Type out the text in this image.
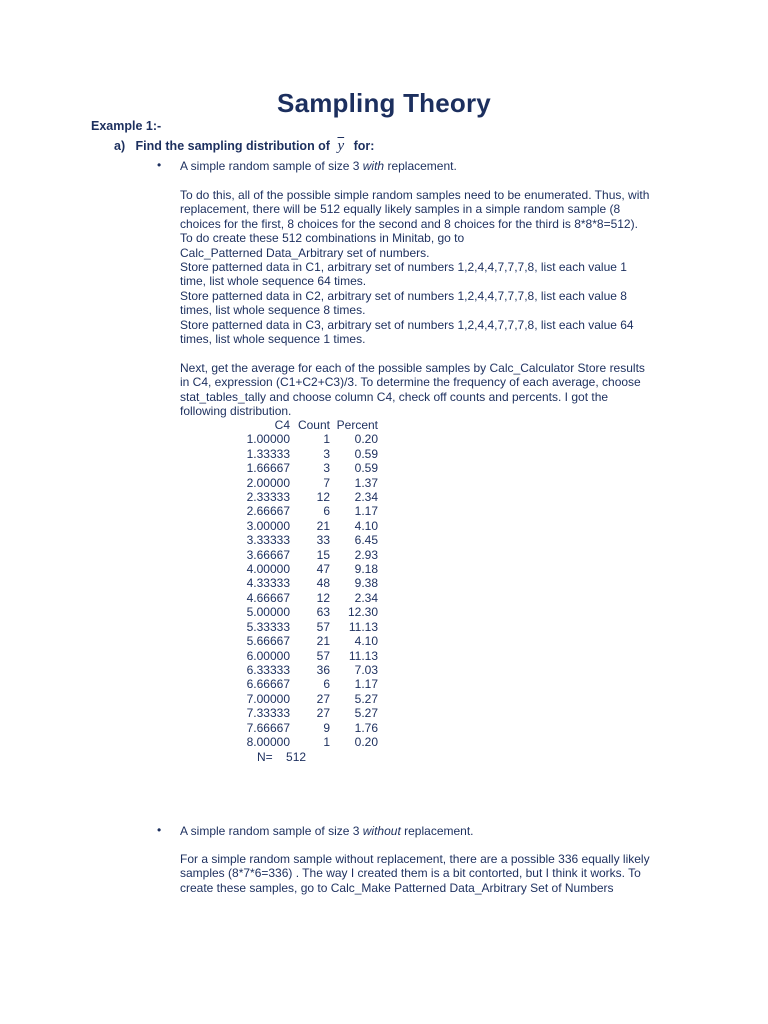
Sampling Theory
Example 1:-
a) Find the sampling distribution of $\overline{y}$ for:
• A simple random sample of size 3 with replacement.
To do this, all of the possible simple random samples need to be enumerated. Thus, with
replacement, there will be 512 equally likely samples in a simple random sample (8
choices for the first, 8 choices for the second and 8 choices for the third is 8*8*8=512).
To do create these 512 combinations in Minitab, go to
Calc_Patterned Data_Arbitrary set of numbers.
Store patterned data in C1, arbitrary set of numbers 1,2,4,4,7,7,7,8, list each value 1
time, list whole sequence 64 times.
Store patterned data in C2, arbitrary set of numbers 1,2,4,4,7,7,7,8, list each value 8
times, list whole sequence 8 times.
Store patterned data in C3, arbitrary set of numbers 1,2,4,4,7,7,7,8, list each value 64
times, list whole sequence 1 times.
Next, get the average for each of the possible samples by Calc_Calculator Store results
in C4, expression (C1+C2+C3)/3. To determine the frequency of each average, choose
stat_tables_tally and choose column C4, check off counts and percents. I got the
following distribution.
C4	Count	Percent
1.00000	1	0.20
1.33333	3	0.59
1.66667	3	0.59
2.00000	7	1.37
2.33333	12	2.34
2.66667	6	1.17
3.00000	21	4.10
3.33333	33	6.45
3.66667	15	2.93
4.00000	47	9.18
4.33333	48	9.38
4.66667	12	2.34
5.00000	63	12.30
5.33333	57	11.13
5.66667	21	4.10
6.00000	57	11.13
6.33333	36	7.03
6.66667	6	1.17
7.00000	27	5.27
7.33333	27	5.27
7.66667	9	1.76
8.00000	1	0.20
N= 512
• A simple random sample of size 3 without replacement.
For a simple random sample without replacement, there are a possible 336 equally likely
samples (8*7*6=336) . The way I created them is a bit contorted, but I think it works. To
create these samples, go to Calc_Make Patterned Data_Arbitrary Set of Numbers
